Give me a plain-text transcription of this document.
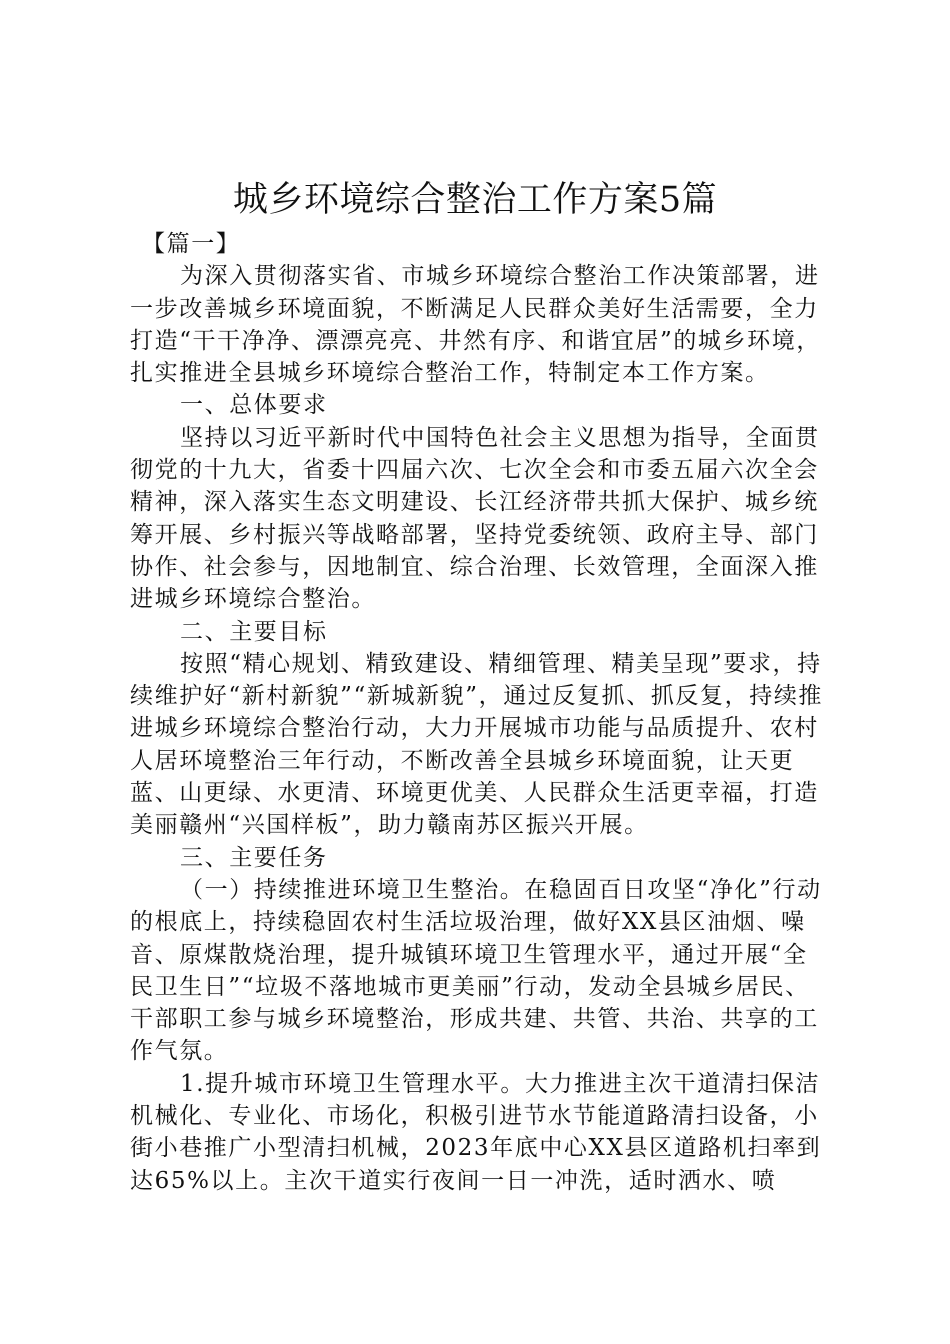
城乡环境综合整治工作方案5篇

【篇一】

为深入贯彻落实省、市城乡环境综合整治工作决策部署，进一步改善城乡环境面貌，不断满足人民群众美好生活需要，全力打造“干干净净、漂漂亮亮、井然有序、和谐宜居”的城乡环境，扎实推进全县城乡环境综合整治工作，特制定本工作方案。

一、总体要求

坚持以习近平新时代中国特色社会主义思想为指导，全面贯彻党的十九大，省委十四届六次、七次全会和市委五届六次全会精神，深入落实生态文明建设、长江经济带共抓大保护、城乡统筹开展、乡村振兴等战略部署，坚持党委统领、政府主导、部门协作、社会参与，因地制宜、综合治理、长效管理，全面深入推进城乡环境综合整治。

二、主要目标

按照“精心规划、精致建设、精细管理、精美呈现”要求，持续维护好“新村新貌”“新城新貌”，通过反复抓、抓反复，持续推进城乡环境综合整治行动，大力开展城市功能与品质提升、农村人居环境整治三年行动，不断改善全县城乡环境面貌，让天更蓝、山更绿、水更清、环境更优美、人民群众生活更幸福，打造美丽赣州“兴国样板”，助力赣南苏区振兴开展。

三、主要任务

（一）持续推进环境卫生整治。在稳固百日攻坚“净化”行动的根底上，持续稳固农村生活垃圾治理，做好XX县区油烟、噪音、原煤散烧治理，提升城镇环境卫生管理水平，通过开展“全民卫生日”“垃圾不落地城市更美丽”行动，发动全县城乡居民、干部职工参与城乡环境整治，形成共建、共管、共治、共享的工作气氛。

1.提升城市环境卫生管理水平。大力推进主次干道清扫保洁机械化、专业化、市场化，积极引进节水节能道路清扫设备，小街小巷推广小型清扫机械，2023年底中心XX县区道路机扫率到达65%以上。主次干道实行夜间一日一冲洗，适时洒水、喷
